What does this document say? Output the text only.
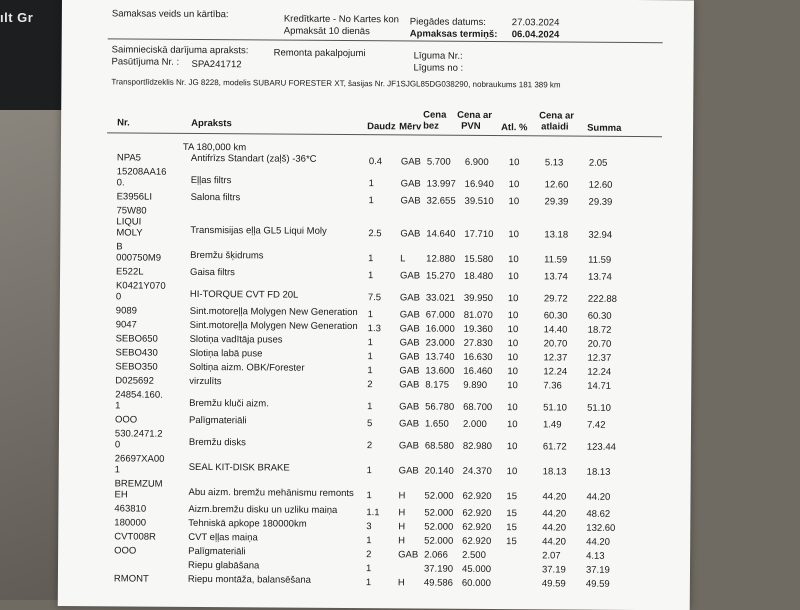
ılt Gr	Samaksas veids un kārtība:	Kredītkarte - No Kartes kon
Apmaksāt 10 dienās
Piegādes datums:	27.03.2024
Apmaksas termiņš: 06.04.2024
Saimnieciskā darījuma apraksts:	Remonta pakalpojumi	Līguma Nr.:
Pasūtījuma Nr. : SPA241712	Līgums no :
Transportlīdzeklis Nr. JG 8228, modelis SUBARU FORESTER XT, šasijas Nr. JF1SJGL85DG038290, nobraukums 181 389 km
Nr.	Apraksts	Daudz Mērv
Cena
bez
Cena ar
PVN Atl. %
Cena ar
atlaidi Summa
TA 180,000 km
NPA5	Antifrīzs Standart (zaļš) -36*C	0.4 GAB 5.700 6.900 10	5.13	2.05
15208AA16
0.	Eļļas filtrs	1	GAB 13.997 16.940 10	12.60 12.60
E3956LI	Salona filtrs	1	GAB 32.655 39.510 10	29.39 29.39
75W80
LIQUI
MOLY	Transmisijas eļļa GL5 Liqui Moly	2.5 GAB 14.640 17.710 10	13.18 32.94
B
000750M9	Bremžu šķidrums	1	L 12.880 15.580 10	11.59 11.59
E522L	Gaisa filtrs	1	GAB 15.270 18.480 10	13.74 13.74
K0421Y070
0	HI-TORQUE CVT FD 20L	7.5 GAB 33.021 39.950 10	29.72 222.88
9089	Sint.motoreļļa Molygen New Generation 1	GAB 67.000 81.070 10	60.30 60.30
9047	Sint.motoreļļa Molygen New Generation 1.3 GAB 16.000 19.360 10	14.40 18.72
SEBO650	Slotiņa vadītāja puses	1	GAB 23.000 27.830 10	20.70 20.70
SEBO430	Slotiņa labā puse	1	GAB 13.740 16.630 10	12.37 12.37
SEBO350	Soltiņa aizm. OBK/Forester	1	GAB 13.600 16.460 10	12.24 12.24
D025692	virzulīts	2	GAB 8.175 9.890 10	7.36	14.71
24854.160.
1	Bremžu kluči aizm.	1	GAB 56.780 68.700 10	51.10 51.10
OOO	Palīgmateriāli	5	GAB 1.650 2.000 10	1.49	7.42
530.2471.2
0	Bremžu disks	2	GAB 68.580 82.980 10	61.72 123.44
26697XA00
1	SEAL KIT-DISK BRAKE	1	GAB 20.140 24.370 10	18.13 18.13
BREMZUM
EH	Abu aizm. bremžu mehānismu remonts 1	H 52.000 62.920 15	44.20 44.20
463810	Aizm.bremžu disku un uzliku maiņa	1.1 H 52.000 62.920 15	44.20 48.62
180000	Tehniskā apkope 180000km	3	H 52.000 62.920 15	44.20 132.60
CVT008R	CVT eļļas maiņa	1	H 52.000 62.920 15	44.20 44.20
OOO	Palīgmateriāli	2	GAB 2.066 2.500	2.07	4.13
Riepu glabāšana	1	37.190 45.000	37.19 37.19
RMONT	Riepu montāža, balansēšana	1	H 49.586 60.000	49.59 49.59
